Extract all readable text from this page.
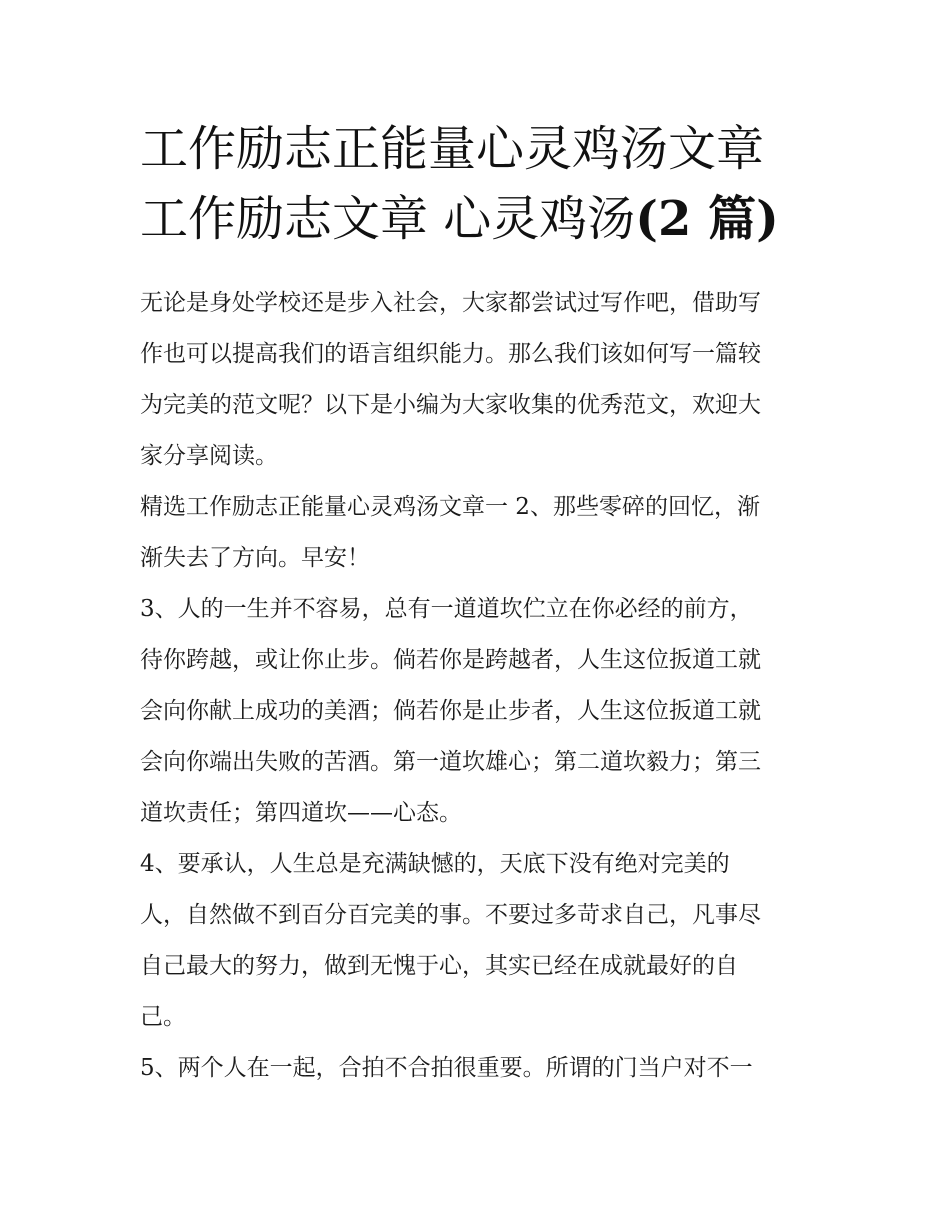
工作励志正能量心灵鸡汤文章
工作励志文章 心灵鸡汤(2 篇)
无论是身处学校还是步入社会，大家都尝试过写作吧，借助写
作也可以提高我们的语言组织能力。那么我们该如何写一篇较
为完美的范文呢？以下是小编为大家收集的优秀范文，欢迎大
家分享阅读。
精选工作励志正能量心灵鸡汤文章一 2、那些零碎的回忆，渐
渐失去了方向。早安！
3、人的一生并不容易，总有一道道坎伫立在你必经的前方，
待你跨越，或让你止步。倘若你是跨越者，人生这位扳道工就
会向你献上成功的美酒；倘若你是止步者，人生这位扳道工就
会向你端出失败的苦酒。第一道坎雄心；第二道坎毅力；第三
道坎责任；第四道坎——心态。
4、要承认，人生总是充满缺憾的，天底下没有绝对完美的
人，自然做不到百分百完美的事。不要过多苛求自己，凡事尽
自己最大的努力，做到无愧于心，其实已经在成就最好的自
己。
5、两个人在一起，合拍不合拍很重要。所谓的门当户对不一
